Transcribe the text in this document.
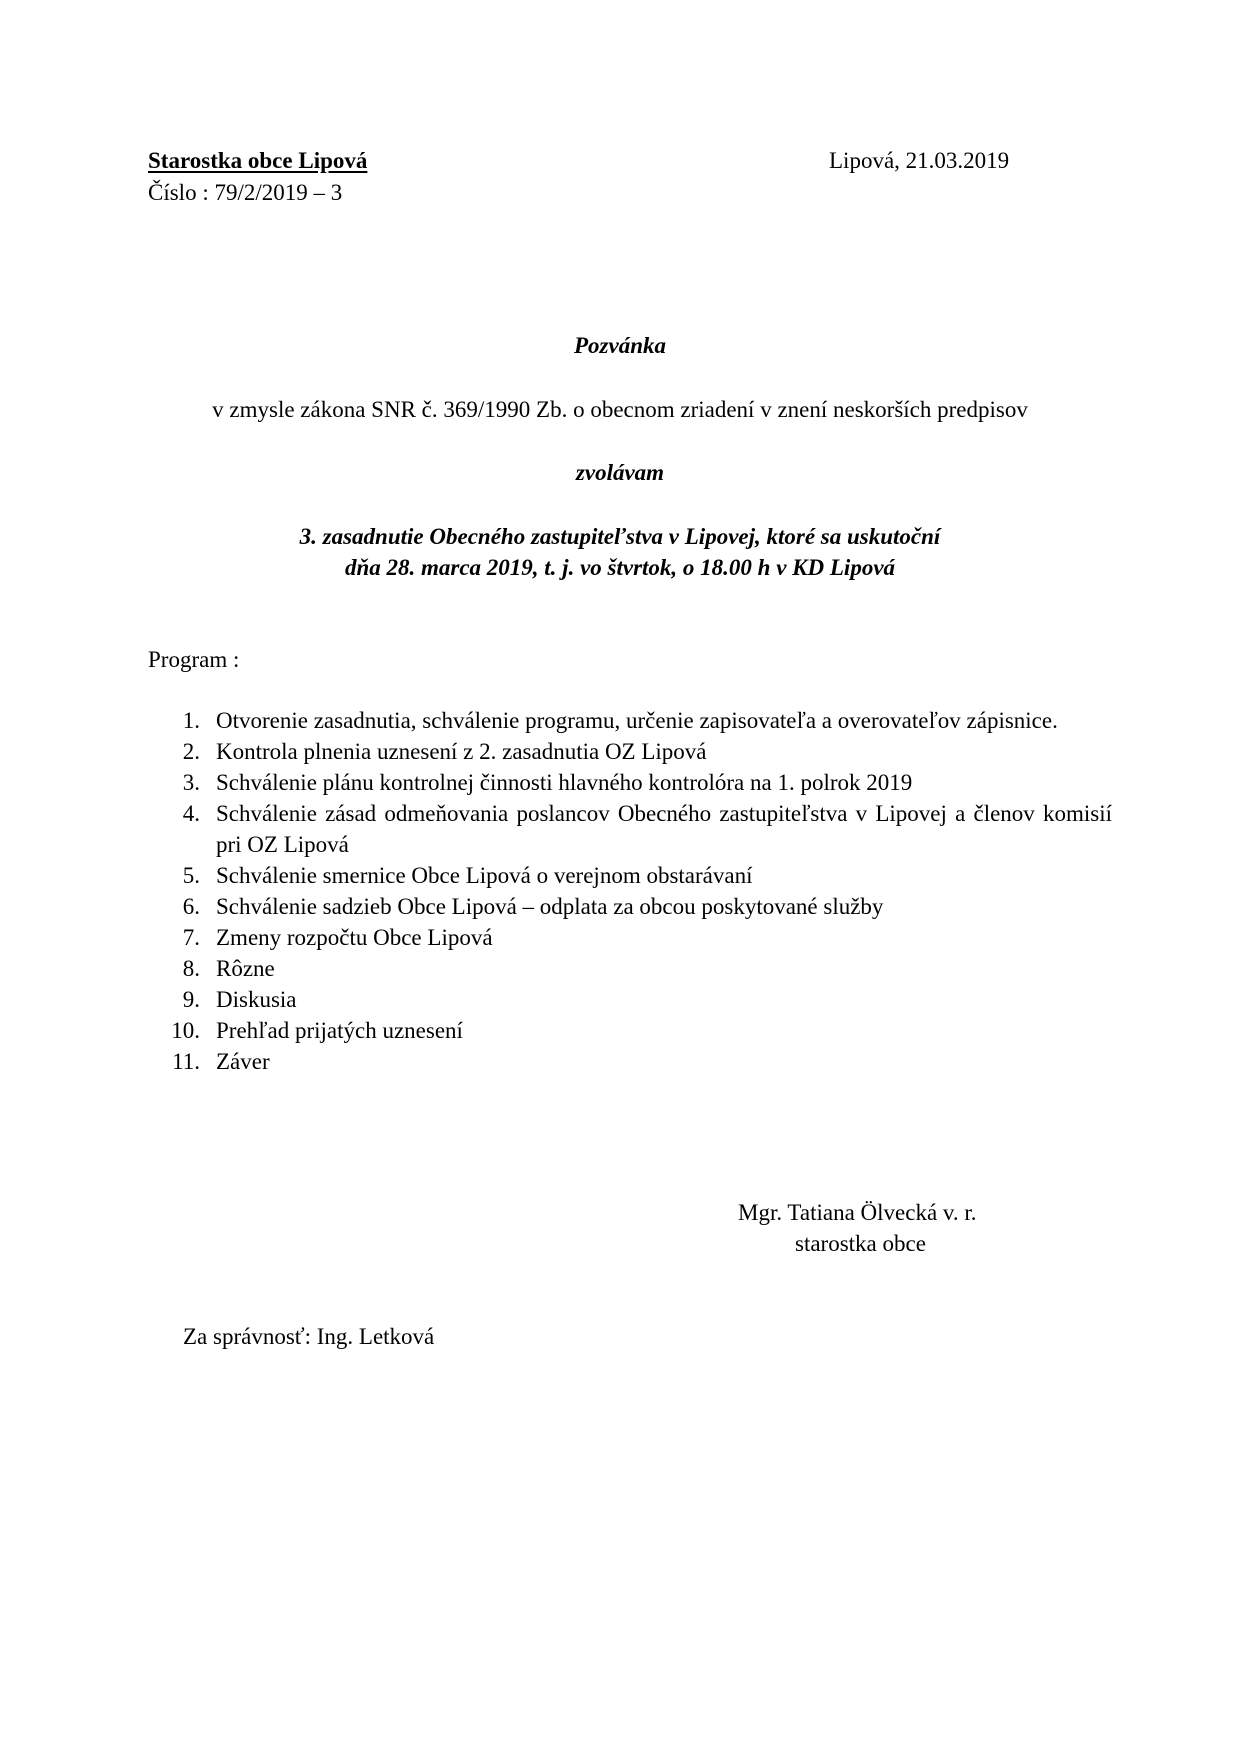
Starostka obce Lipová
Číslo : 79/2/2019 – 3
Lipová, 21.03.2019
Pozvánka
v zmysle zákona SNR č. 369/1990 Zb. o obecnom zriadení v znení neskorších predpisov
zvolávam
3. zasadnutie Obecného zastupiteľstva v Lipovej, ktoré sa uskutoční
dňa 28. marca 2019, t. j. vo štvrtok, o 18.00 h v KD Lipová
Program :
1. Otvorenie zasadnutia, schválenie programu, určenie zapisovateľa a overovateľov zápisnice.
2. Kontrola plnenia uznesení z 2. zasadnutia OZ Lipová
3. Schválenie plánu kontrolnej činnosti hlavného kontrolóra na 1. polrok 2019
4. Schválenie zásad odmeňovania poslancov Obecného zastupiteľstva v Lipovej a členov komisií pri OZ Lipová
5. Schválenie smernice Obce Lipová o verejnom obstarávaní
6. Schválenie sadzieb Obce Lipová – odplata za obcou poskytované služby
7. Zmeny rozpočtu Obce Lipová
8. Rôzne
9. Diskusia
10. Prehľad prijatých uznesení
11. Záver
Mgr. Tatiana Ölvecká v. r.
starostka obce
Za správnosť: Ing. Letková
